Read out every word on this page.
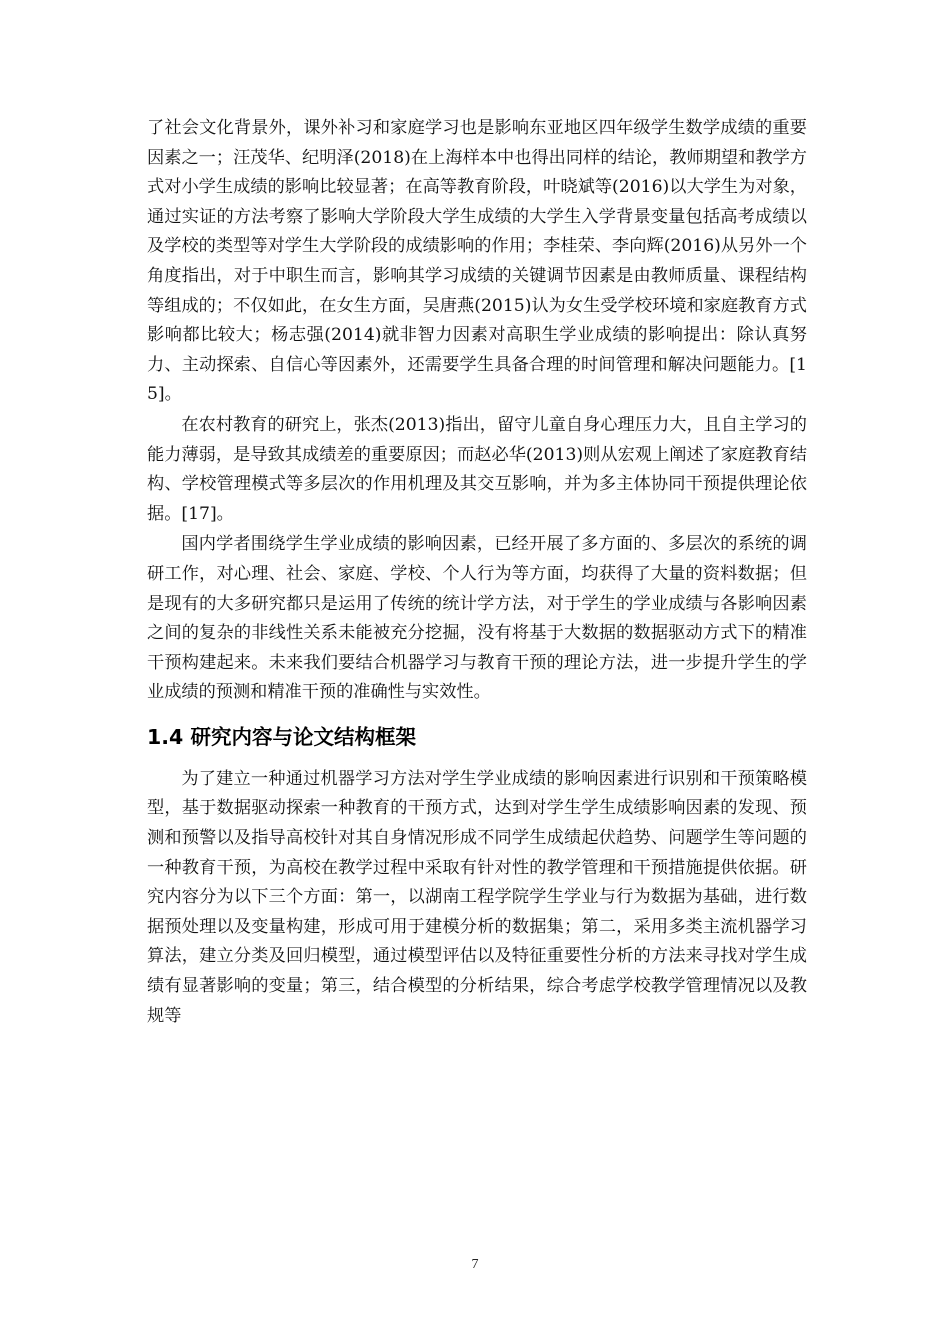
了社会文化背景外，课外补习和家庭学习也是影响东亚地区四年级学生数学成绩的重要因素之一；汪茂华、纪明泽(2018)在上海样本中也得出同样的结论，教师期望和教学方式对小学生成绩的影响比较显著；在高等教育阶段，叶晓斌等(2016)以大学生为对象，通过实证的方法考察了影响大学阶段大学生成绩的大学生入学背景变量包括高考成绩以及学校的类型等对学生大学阶段的成绩影响的作用；李桂荣、李向辉(2016)从另外一个角度指出，对于中职生而言，影响其学习成绩的关键调节因素是由教师质量、课程结构等组成的；不仅如此，在女生方面，吴唐燕(2015)认为女生受学校环境和家庭教育方式影响都比较大；杨志强(2014)就非智力因素对高职生学业成绩的影响提出：除认真努力、主动探索、自信心等因素外，还需要学生具备合理的时间管理和解决问题能力。[15]。

在农村教育的研究上，张杰(2013)指出，留守儿童自身心理压力大，且自主学习的能力薄弱，是导致其成绩差的重要原因；而赵必华(2013)则从宏观上阐述了家庭教育结构、学校管理模式等多层次的作用机理及其交互影响，并为多主体协同干预提供理论依据。[17]。

国内学者围绕学生学业成绩的影响因素，已经开展了多方面的、多层次的系统的调研工作，对心理、社会、家庭、学校、个人行为等方面，均获得了大量的资料数据；但是现有的大多研究都只是运用了传统的统计学方法，对于学生的学业成绩与各影响因素之间的复杂的非线性关系未能被充分挖掘，没有将基于大数据的数据驱动方式下的精准干预构建起来。未来我们要结合机器学习与教育干预的理论方法，进一步提升学生的学业成绩的预测和精准干预的准确性与实效性。

1.4 研究内容与论文结构框架

为了建立一种通过机器学习方法对学生学业成绩的影响因素进行识别和干预策略模型，基于数据驱动探索一种教育的干预方式，达到对学生学生成绩影响因素的发现、预测和预警以及指导高校针对其自身情况形成不同学生成绩起伏趋势、问题学生等问题的一种教育干预，为高校在教学过程中采取有针对性的教学管理和干预措施提供依据。研究内容分为以下三个方面：第一，以湖南工程学院学生学业与行为数据为基础，进行数据预处理以及变量构建，形成可用于建模分析的数据集；第二，采用多类主流机器学习算法，建立分类及回归模型，通过模型评估以及特征重要性分析的方法来寻找对学生成绩有显著影响的变量；第三，结合模型的分析结果，综合考虑学校教学管理情况以及教规等

7
